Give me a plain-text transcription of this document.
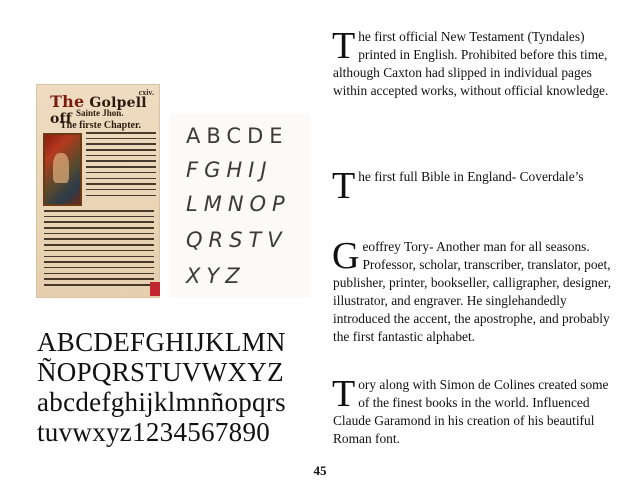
cxiv.
The Golpell off Sainte Jhon.
The firste Chapter. ABCDE
FGHIJ
LMNOP
QRSTV
XYZ
ABCDEFGHIJKLMN
ÑOPQRSTUVWXYZ
abcdefghijklmnñopqrs
tuvwxyz1234567890
T he first official New Testament (Tyndales) printed in English. Prohibited before this time, although Caxton had slipped in individual pages within accepted works, without official knowledge.
T he first full Bible in England- Coverdale’s
G eoffrey Tory- Another man for all seasons. Professor, scholar, transcriber, translator, poet, publisher, printer, bookseller, calligrapher, designer, illustrator, and engraver. He singlehandedly introduced the accent, the apostrophe, and probably the first fantastic alphabet.
T ory along with Simon de Colines created some of the finest books in the world. Influenced Claude Garamond in his creation of his beautiful Roman font.
45
